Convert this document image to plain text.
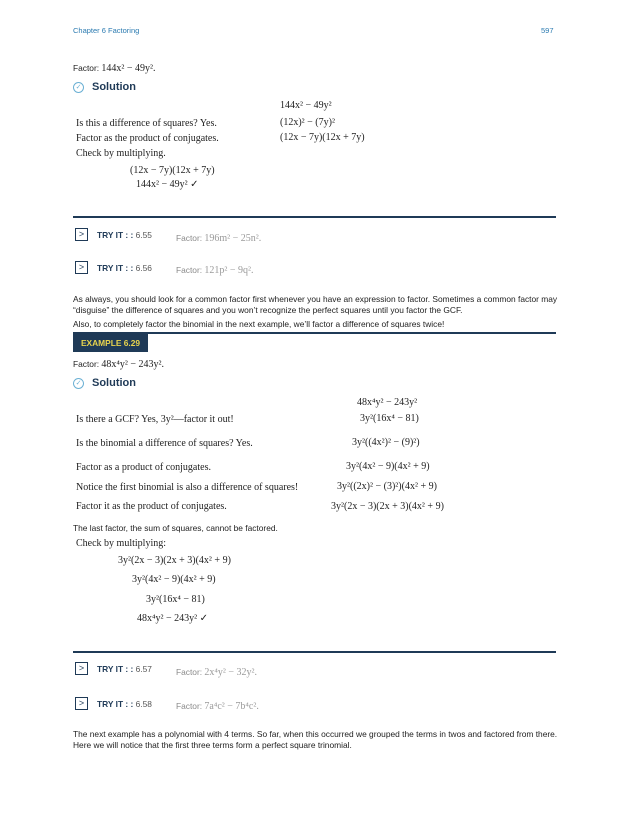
Chapter 6 Factoring	597
Factor: 144x² − 49y².
✓ Solution
144x² − 49y²
Is this a difference of squares? Yes.	(12x)² − (7y)²
Factor as the product of conjugates.	(12x − 7y)(12x + 7y)
Check by multiplying.
(12x − 7y)(12x + 7y)
144x² − 49y² ✓
>	TRY IT : : 6.55	Factor: 196m² − 25n².
>	TRY IT : : 6.56	Factor: 121p² − 9q².
As always, you should look for a common factor first whenever you have an expression to factor. Sometimes a common factor may “disguise” the difference of squares and you won’t recognize the perfect squares until you factor the GCF.
Also, to completely factor the binomial in the next example, we’ll factor a difference of squares twice!
EXAMPLE 6.29
Factor: 48x⁴y² − 243y².
✓ Solution
48x⁴y² − 243y²
Is there a GCF? Yes, 3y²—factor it out!	3y²(16x⁴ − 81)
Is the binomial a difference of squares? Yes.	3y²((4x²)² − (9)²)
Factor as a product of conjugates.	3y²(4x² − 9)(4x² + 9)
Notice the first binomial is also a difference of squares!	3y²((2x)² − (3)²)(4x² + 9)
Factor it as the product of conjugates.	3y²(2x − 3)(2x + 3)(4x² + 9)
The last factor, the sum of squares, cannot be factored.
Check by multiplying:
3y²(2x − 3)(2x + 3)(4x² + 9)
3y²(4x² − 9)(4x² + 9)
3y²(16x⁴ − 81)
48x⁴y² − 243y² ✓
>	TRY IT : : 6.57	Factor: 2x⁴y² − 32y².
>	TRY IT : : 6.58	Factor: 7a⁴c² − 7b⁴c².
The next example has a polynomial with 4 terms. So far, when this occurred we grouped the terms in twos and factored from there. Here we will notice that the first three terms form a perfect square trinomial.
